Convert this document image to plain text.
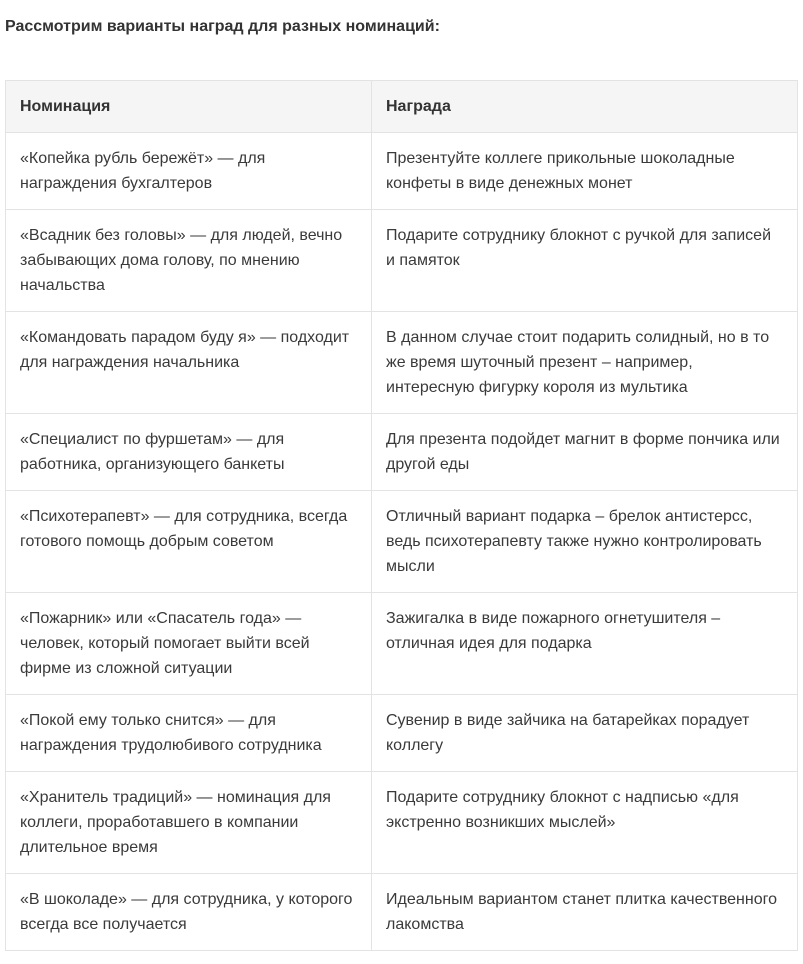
Рассмотрим варианты наград для разных номинаций:

Номинация	Награда
«Копейка рубль бережёт» — для награждения бухгалтеров	Презентуйте коллеге прикольные шоколадные конфеты в виде денежных монет
«Всадник без головы» — для людей, вечно забывающих дома голову, по мнению начальства	Подарите сотруднику блокнот с ручкой для записей и памяток
«Командовать парадом буду я» — подходит для награждения начальника	В данном случае стоит подарить солидный, но в то же время шуточный презент – например, интересную фигурку короля из мультика
«Специалист по фуршетам» — для работника, организующего банкеты	Для презента подойдет магнит в форме пончика или другой еды
«Психотерапевт» — для сотрудника, всегда готового помощь добрым советом	Отличный вариант подарка – брелок антистерсс, ведь психотерапевту также нужно контролировать мысли
«Пожарник» или «Спасатель года» — человек, который помогает выйти всей фирме из сложной ситуации	Зажигалка в виде пожарного огнетушителя – отличная идея для подарка
«Покой ему только снится» — для награждения трудолюбивого сотрудника	Сувенир в виде зайчика на батарейках порадует коллегу
«Хранитель традиций» — номинация для коллеги, проработавшего в компании длительное время	Подарите сотруднику блокнот с надписью «для экстренно возникших мыслей»
«В шоколаде» — для сотрудника, у которого всегда все получается	Идеальным вариантом станет плитка качественного лакомства
